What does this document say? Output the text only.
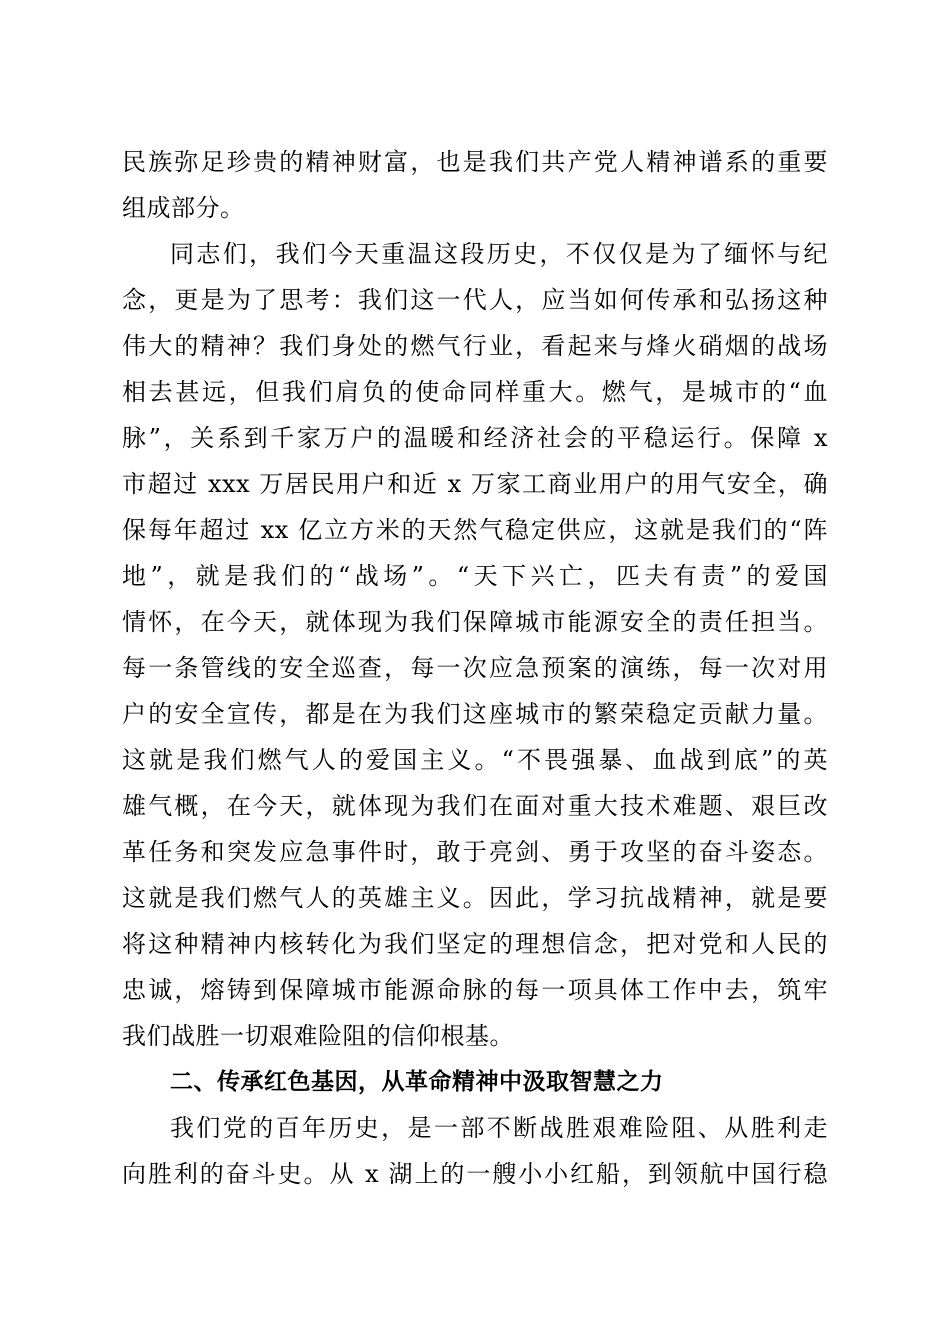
民族弥足珍贵的精神财富，也是我们共产党人精神谱系的重要
组成部分。
同志们，我们今天重温这段历史，不仅仅是为了缅怀与纪
念，更是为了思考：我们这一代人，应当如何传承和弘扬这种
伟大的精神？我们身处的燃气行业，看起来与烽火硝烟的战场
相去甚远，但我们肩负的使命同样重大。燃气，是城市的“血
脉”，关系到千家万户的温暖和经济社会的平稳运行。保障 x
市超过 xxx 万居民用户和近 x 万家工商业用户的用气安全，确
保每年超过 xx 亿立方米的天然气稳定供应，这就是我们的“阵
地”，就是我们的“战场”。“天下兴亡，匹夫有责”的爱国
情怀，在今天，就体现为我们保障城市能源安全的责任担当。
每一条管线的安全巡查，每一次应急预案的演练，每一次对用
户的安全宣传，都是在为我们这座城市的繁荣稳定贡献力量。
这就是我们燃气人的爱国主义。“不畏强暴、血战到底”的英
雄气概，在今天，就体现为我们在面对重大技术难题、艰巨改
革任务和突发应急事件时，敢于亮剑、勇于攻坚的奋斗姿态。
这就是我们燃气人的英雄主义。因此，学习抗战精神，就是要
将这种精神内核转化为我们坚定的理想信念，把对党和人民的
忠诚，熔铸到保障城市能源命脉的每一项具体工作中去，筑牢
我们战胜一切艰难险阻的信仰根基。
二、传承红色基因，从革命精神中汲取智慧之力
我们党的百年历史，是一部不断战胜艰难险阻、从胜利走
向胜利的奋斗史。从 x 湖上的一艘小小红船，到领航中国行稳
